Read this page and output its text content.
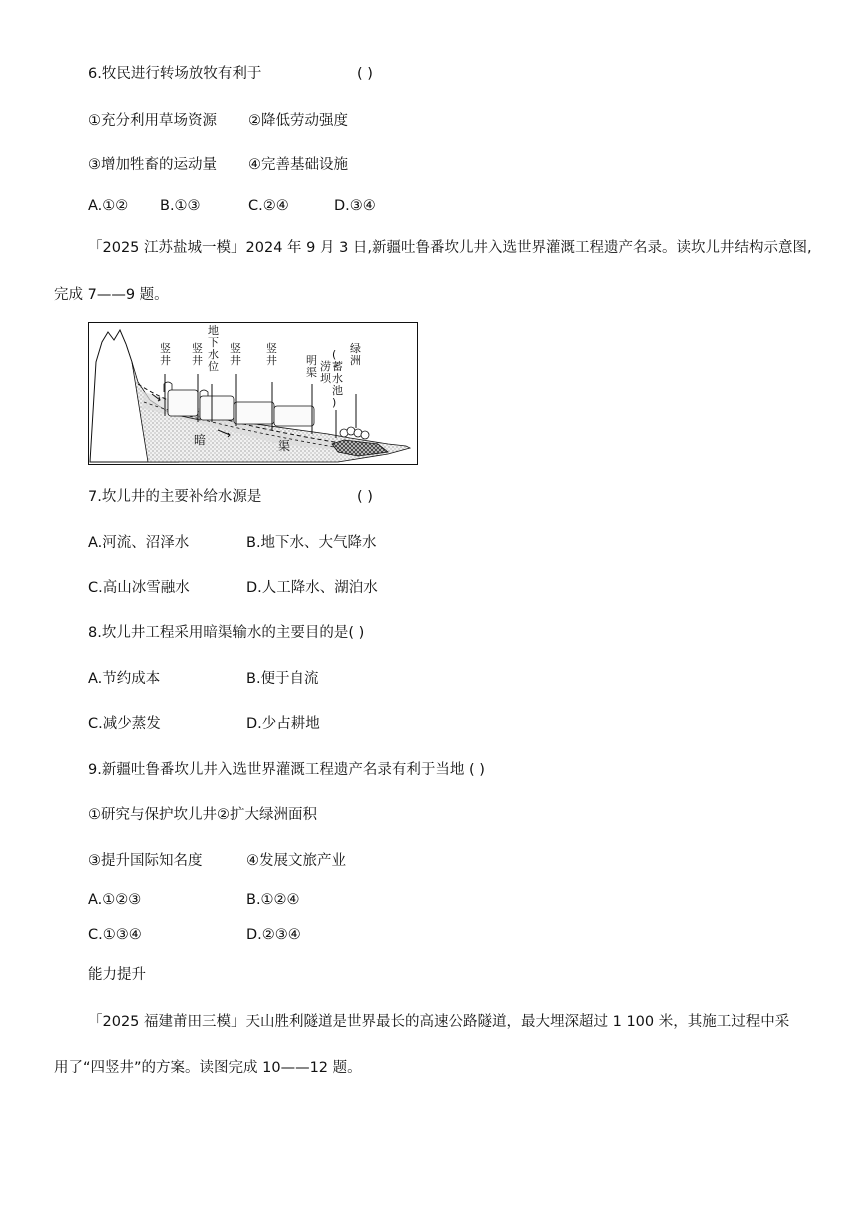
6.牧民进行转场放牧有利于	( )
①充分利用草场资源 ②降低劳动强度
③增加牲畜的运动量 ④完善基础设施
A.①② B.①③	C.②④	D.③④
「2025 江苏盐城一模」2024 年 9 月 3 日,新疆吐鲁番坎儿井入选世界灌溉工程遗产名录。读坎儿井结构示意图,
完成 7——9 题。
竖井
竖井
地下水位
竖井
竖井	明渠 涝坝(蓄水池)
绿洲
暗	渠
7.坎儿井的主要补给水源是	( )
A.河流、沼泽水	B.地下水、大气降水
C.高山冰雪融水	D.人工降水、湖泊水
8.坎儿井工程采用暗渠输水的主要目的是( )
A.节约成本	B.便于自流
C.减少蒸发	D.少占耕地
9.新疆吐鲁番坎儿井入选世界灌溉工程遗产名录有利于当地 ( )
①研究与保护坎儿井②扩大绿洲面积
③提升国际知名度	④发展文旅产业
A.①②③	B.①②④
C.①③④	D.②③④
能力提升
「2025 福建莆田三模」天山胜利隧道是世界最长的高速公路隧道，最大埋深超过 1 100 米，其施工过程中采
用了“四竖井”的方案。读图完成 10——12 题。
